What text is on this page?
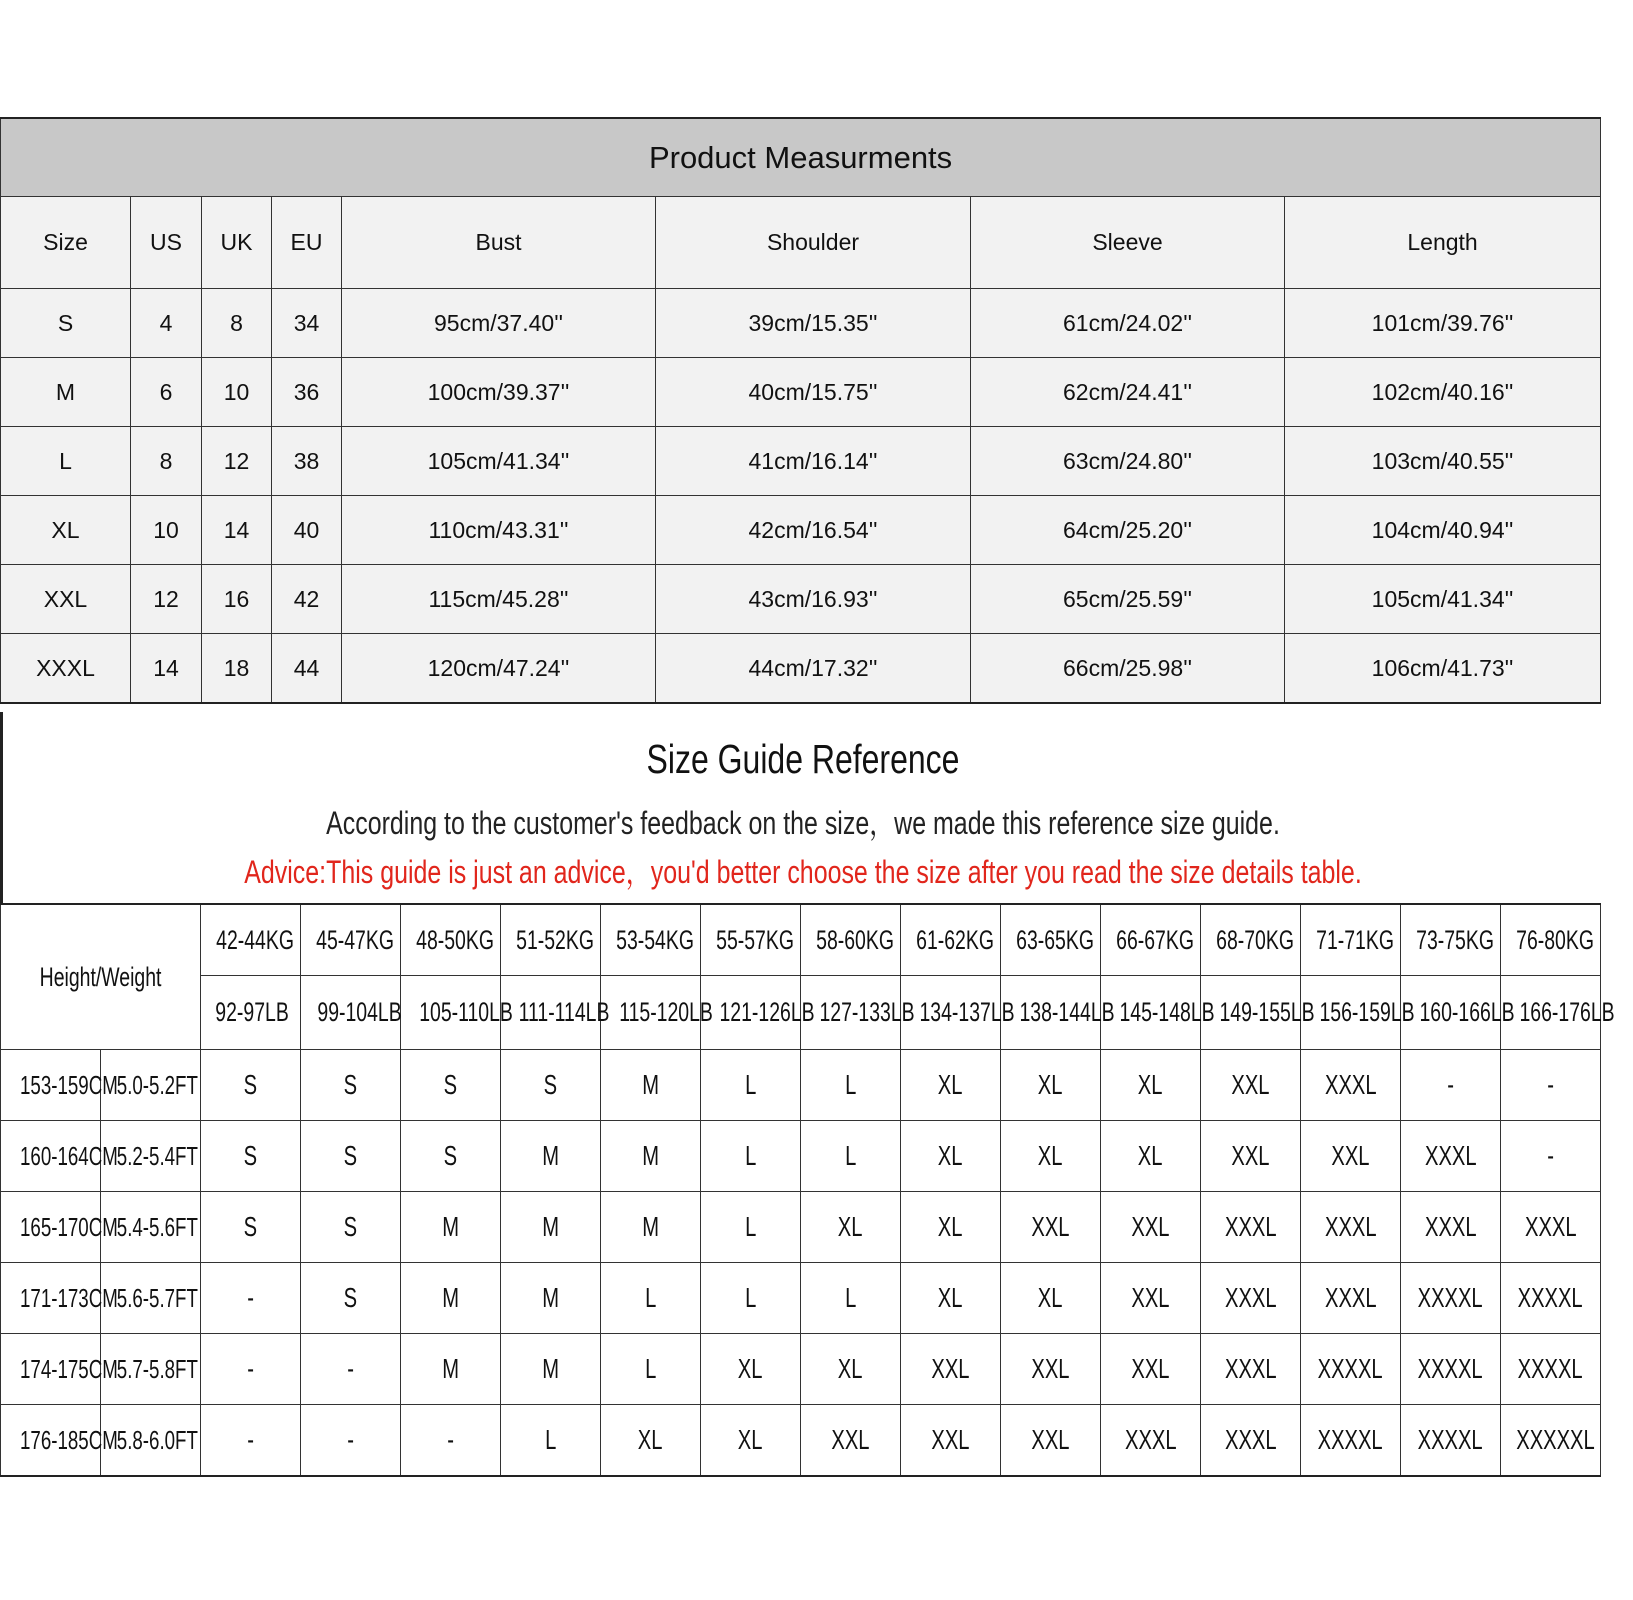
Product Measurments							
Size	US	UK	EU	Bust	Shoulder	Sleeve	Length
S	4	8	34	95cm/37.40''	39cm/15.35''	61cm/24.02''	101cm/39.76''
M	6	10	36	100cm/39.37''	40cm/15.75''	62cm/24.41''	102cm/40.16''
L	8	12	38	105cm/41.34''	41cm/16.14''	63cm/24.80''	103cm/40.55''
XL	10	14	40	110cm/43.31''	42cm/16.54''	64cm/25.20''	104cm/40.94''
XXL	12	16	42	115cm/45.28''	43cm/16.93''	65cm/25.59''	105cm/41.34''
XXXL	14	18	44	120cm/47.24''	44cm/17.32''	66cm/25.98''	106cm/41.73''
Size Guide Reference
According to the customer's feedback on the size，we made this reference size guide.
Advice:This guide is just an advice，you'd better choose the size after you read the size details table.
Height/Weight		42-44KG	45-47KG	48-50KG	51-52KG	53-54KG	55-57KG	58-60KG	61-62KG	63-65KG	66-67KG	68-70KG	71-71KG	73-75KG	76-80KG
		92-97LB	99-104LB	105-110LB	111-114LB	115-120LB	121-126LB	127-133LB	134-137LB	138-144LB	145-148LB	149-155LB	156-159LB	160-166LB	166-176LB
153-159CM	5.0-5.2FT	S	S	S	S	M	L	L	XL	XL	XL	XXL	XXXL	-	-
160-164CM	5.2-5.4FT	S	S	S	M	M	L	L	XL	XL	XL	XXL	XXL	XXXL	-
165-170CM	5.4-5.6FT	S	S	M	M	M	L	XL	XL	XXL	XXL	XXXL	XXXL	XXXL	XXXL
171-173CM	5.6-5.7FT	-	S	M	M	L	L	L	XL	XL	XXL	XXXL	XXXL	XXXXL	XXXXL
174-175CM	5.7-5.8FT	-	-	M	M	L	XL	XL	XXL	XXL	XXL	XXXL	XXXXL	XXXXL	XXXXL
176-185CM	5.8-6.0FT	-	-	-	L	XL	XL	XXL	XXL	XXL	XXXL	XXXL	XXXXL	XXXXL	XXXXXL
